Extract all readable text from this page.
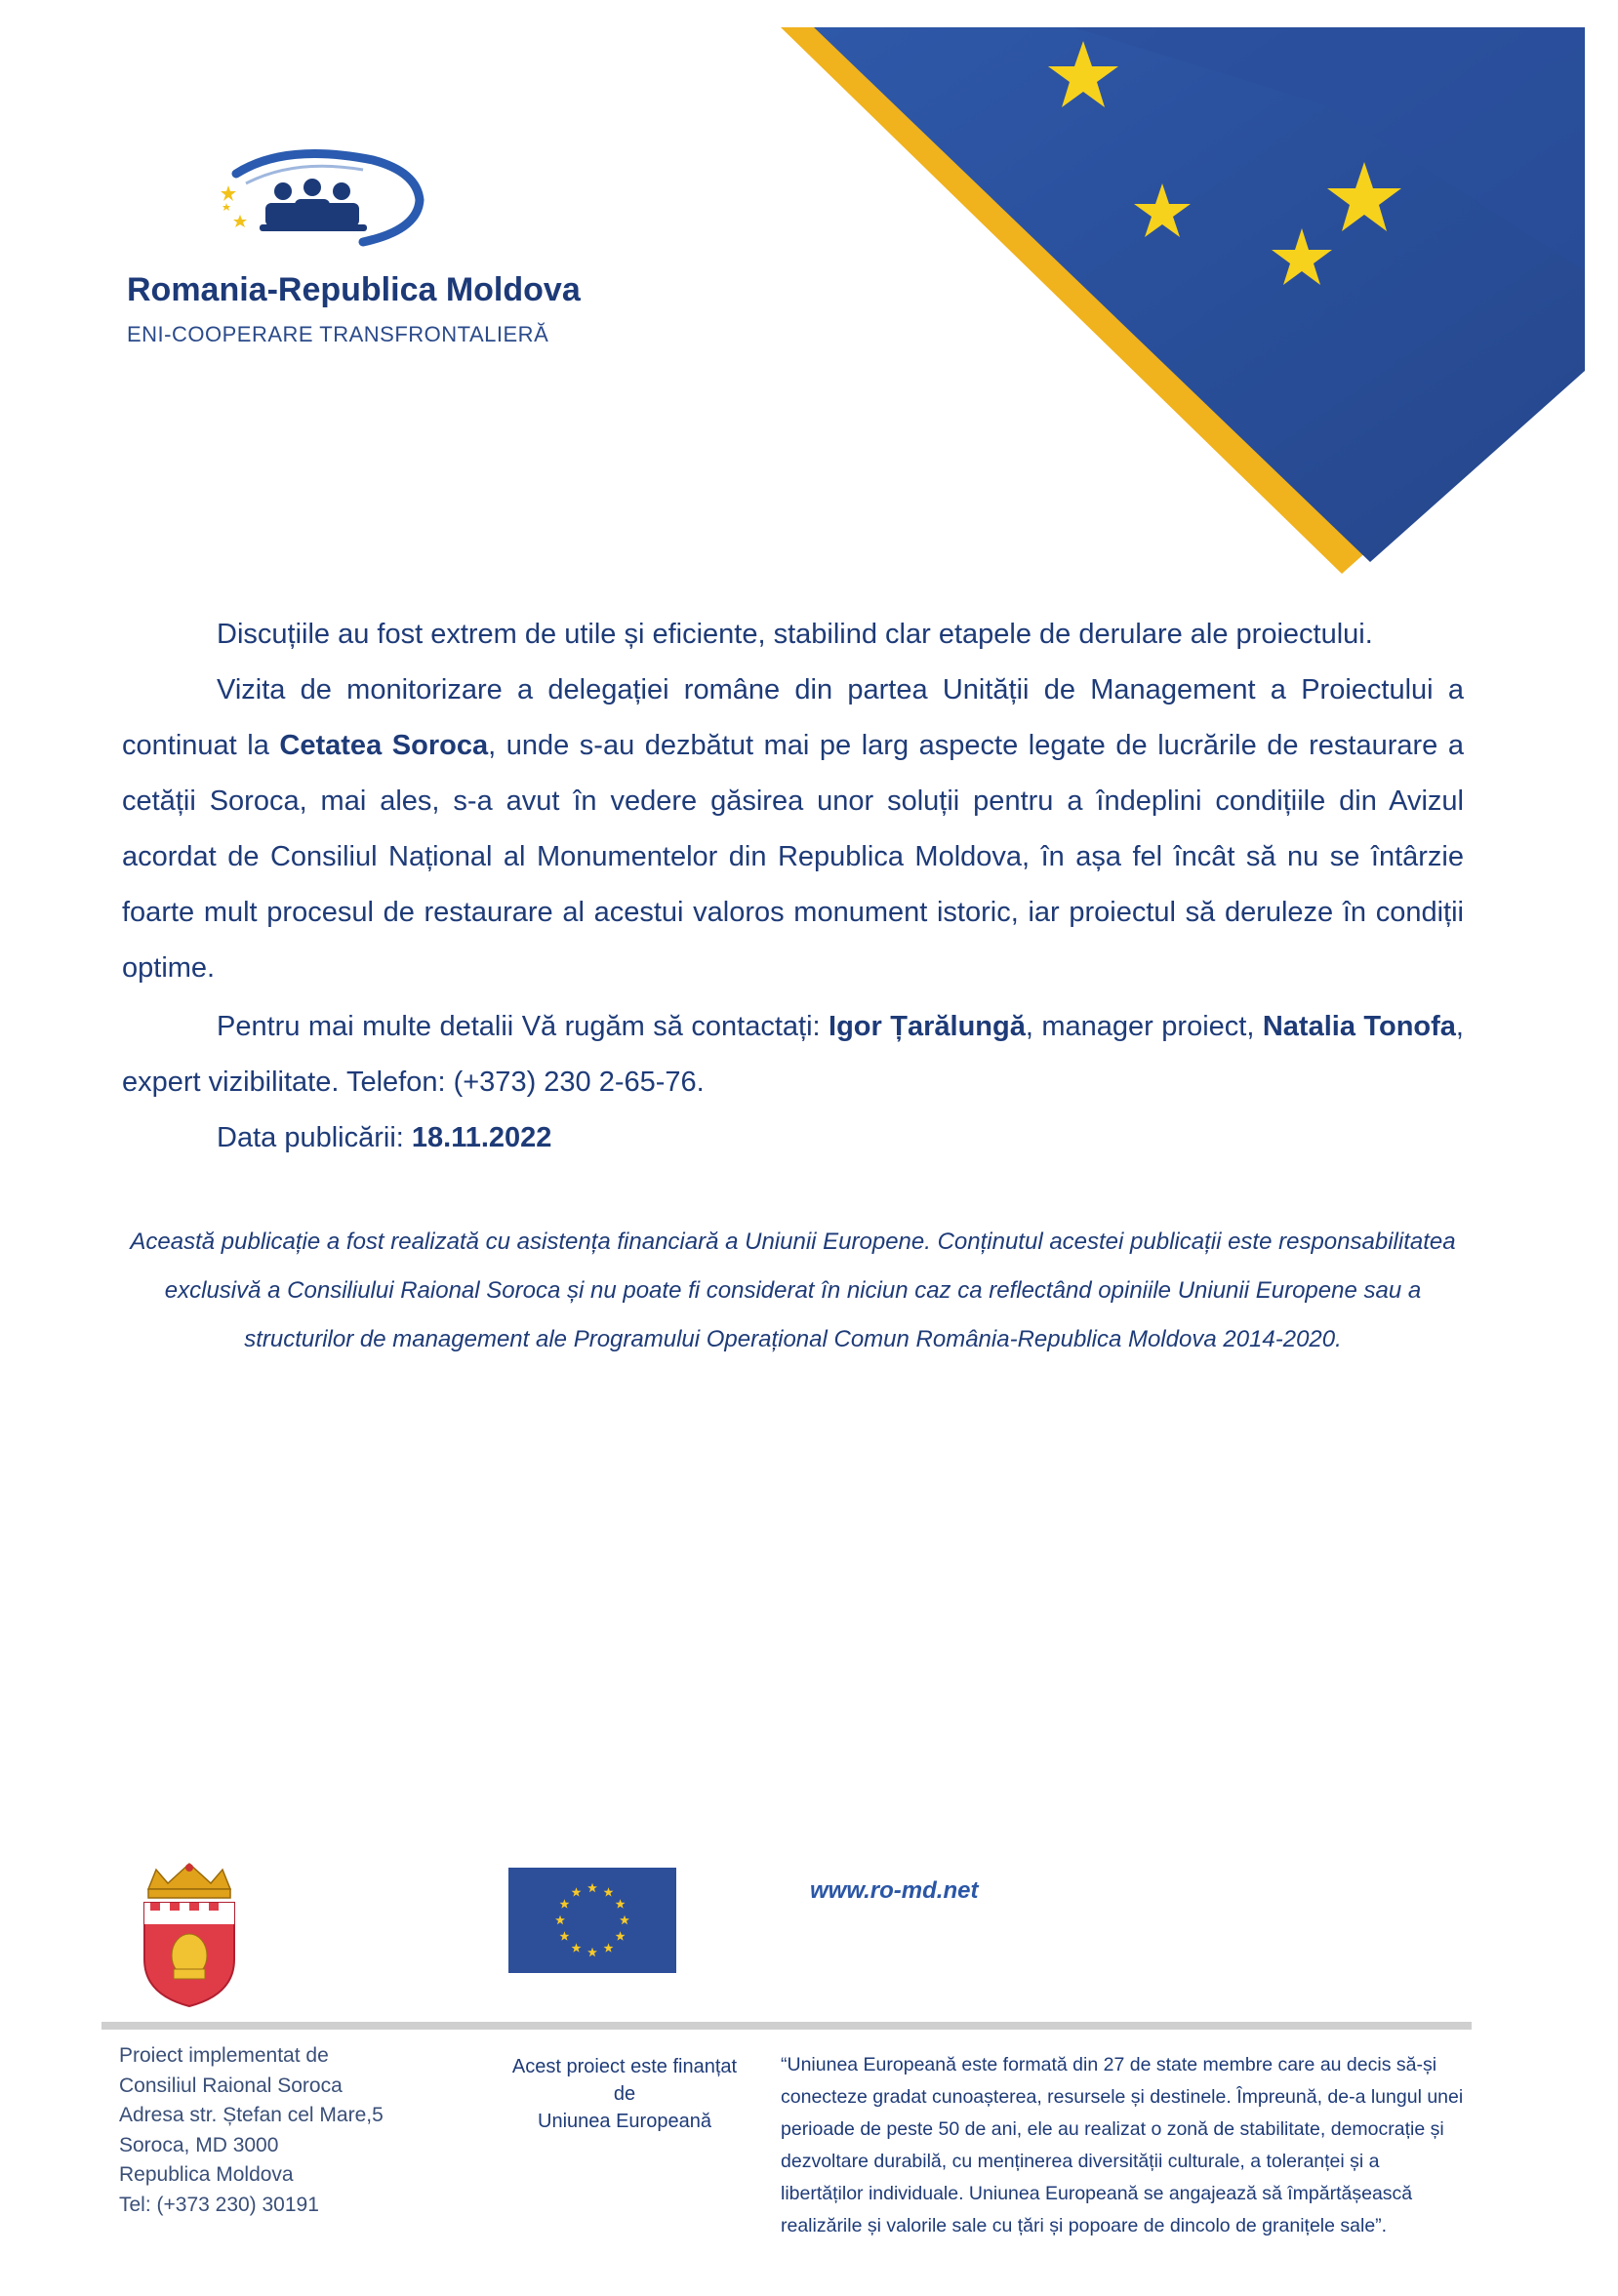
Romania-Republica Moldova
ENI-COOPERARE TRANSFRONTALIERĂ
Discuțiile au fost extrem de utile și eficiente, stabilind clar etapele de derulare ale proiectului.
Vizita de monitorizare a delegației române din partea Unității de Management a Proiectului a continuat la Cetatea Soroca, unde s-au dezbătut mai pe larg aspecte legate de lucrările de restaurare a cetății Soroca, mai ales, s-a avut în vedere găsirea unor soluții pentru a îndeplini condițiile din Avizul acordat de Consiliul Național al Monumentelor din Republica Moldova, în așa fel încât să nu se întârzie foarte mult procesul de restaurare al acestui valoros monument istoric, iar proiectul să deruleze în condiții optime.
Pentru mai multe detalii Vă rugăm să contactați: Igor Țarălungă, manager proiect, Natalia Tonofa, expert vizibilitate. Telefon: (+373) 230 2-65-76.
Data publicării: 18.11.2022
Această publicație a fost realizată cu asistența financiară a Uniunii Europene. Conținutul acestei publicații este responsabilitatea exclusivă a Consiliului Raional Soroca și nu poate fi considerat în niciun caz ca reflectând opiniile Uniunii Europene sau a structurilor de management ale Programului Operațional Comun România-Republica Moldova 2014-2020.
www.ro-md.net
Proiect implementat de
Consiliul Raional Soroca
Adresa str. Ștefan cel Mare,5
Soroca, MD 3000
Republica Moldova
Tel: (+373 230) 30191
Acest proiect este finanțat
de
Uniunea Europeană
“Uniunea Europeană este formată din 27 de state membre care au decis să-și conecteze gradat cunoașterea, resursele și destinele. Împreună, de-a lungul unei perioade de peste 50 de ani, ele au realizat o zonă de stabilitate, democrație și dezvoltare durabilă, cu menținerea diversității culturale, a toleranței și a libertăților individuale. Uniunea Europeană se angajează să împărtășească realizările și valorile sale cu țări și popoare de dincolo de granițele sale”.
